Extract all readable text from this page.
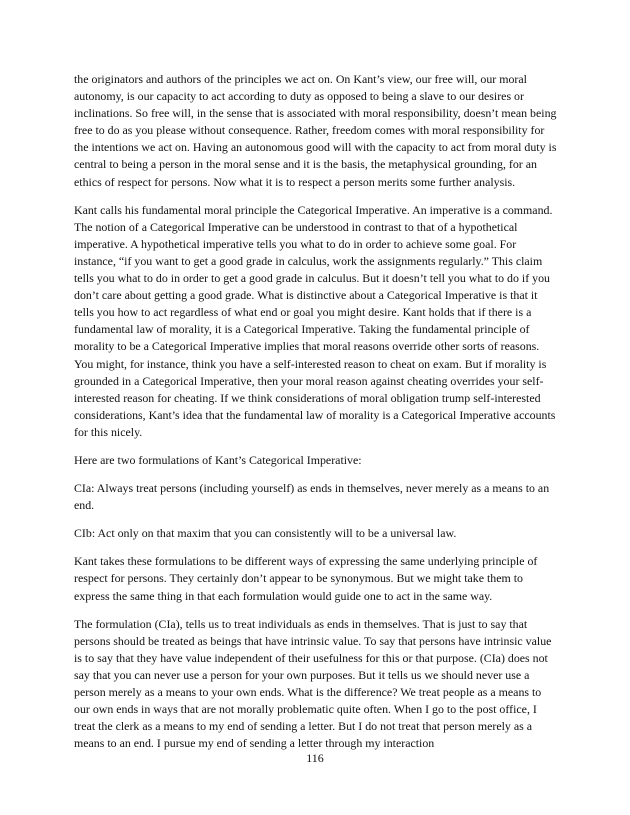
the originators and authors of the principles we act on. On Kant’s view, our free will, our moral autonomy, is our capacity to act according to duty as opposed to being a slave to our desires or inclinations. So free will, in the sense that is associated with moral responsibility, doesn’t mean being free to do as you please without consequence. Rather, freedom comes with moral responsibility for the intentions we act on. Having an autonomous good will with the capacity to act from moral duty is central to being a person in the moral sense and it is the basis, the metaphysical grounding, for an ethics of respect for persons. Now what it is to respect a person merits some further analysis.

Kant calls his fundamental moral principle the Categorical Imperative. An imperative is a command. The notion of a Categorical Imperative can be understood in contrast to that of a hypothetical imperative. A hypothetical imperative tells you what to do in order to achieve some goal. For instance, “if you want to get a good grade in calculus, work the assignments regularly.” This claim tells you what to do in order to get a good grade in calculus. But it doesn’t tell you what to do if you don’t care about getting a good grade. What is distinctive about a Categorical Imperative is that it tells you how to act regardless of what end or goal you might desire. Kant holds that if there is a fundamental law of morality, it is a Categorical Imperative. Taking the fundamental principle of morality to be a Categorical Imperative implies that moral reasons override other sorts of reasons. You might, for instance, think you have a self-interested reason to cheat on exam. But if morality is grounded in a Categorical Imperative, then your moral reason against cheating overrides your self-interested reason for cheating. If we think considerations of moral obligation trump self-interested considerations, Kant’s idea that the fundamental law of morality is a Categorical Imperative accounts for this nicely.

Here are two formulations of Kant’s Categorical Imperative:

CIa: Always treat persons (including yourself) as ends in themselves, never merely as a means to an end.

CIb: Act only on that maxim that you can consistently will to be a universal law.

Kant takes these formulations to be different ways of expressing the same underlying principle of respect for persons. They certainly don’t appear to be synonymous. But we might take them to express the same thing in that each formulation would guide one to act in the same way.

The formulation (CIa), tells us to treat individuals as ends in themselves. That is just to say that persons should be treated as beings that have intrinsic value. To say that persons have intrinsic value is to say that they have value independent of their usefulness for this or that purpose. (CIa) does not say that you can never use a person for your own purposes. But it tells us we should never use a person merely as a means to your own ends. What is the difference? We treat people as a means to our own ends in ways that are not morally problematic quite often. When I go to the post office, I treat the clerk as a means to my end of sending a letter. But I do not treat that person merely as a means to an end. I pursue my end of sending a letter through my interaction

116
